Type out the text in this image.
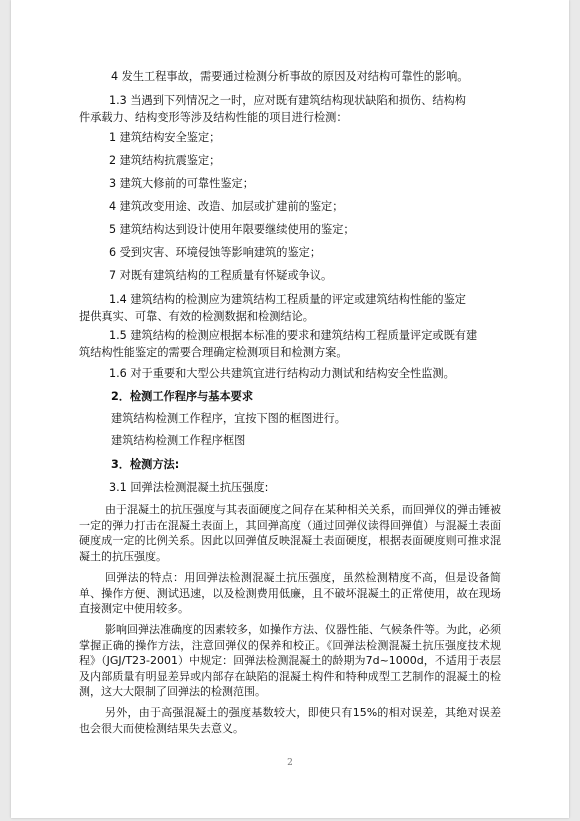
4 发生工程事故，需要通过检测分析事故的原因及对结构可靠性的影响。
1.3 当遇到下列情况之一时，应对既有建筑结构现状缺陷和损伤、结构构
件承载力、结构变形等涉及结构性能的项目进行检测：
1 建筑结构安全鉴定；
2 建筑结构抗震鉴定；
3 建筑大修前的可靠性鉴定；
4 建筑改变用途、改造、加层或扩建前的鉴定；
5 建筑结构达到设计使用年限要继续使用的鉴定；
6 受到灾害、环境侵蚀等影响建筑的鉴定；
7 对既有建筑结构的工程质量有怀疑或争议。
1.4 建筑结构的检测应为建筑结构工程质量的评定或建筑结构性能的鉴定
提供真实、可靠、有效的检测数据和检测结论。
1.5 建筑结构的检测应根据本标准的要求和建筑结构工程质量评定或既有建
筑结构性能鉴定的需要合理确定检测项目和检测方案。
1.6 对于重要和大型公共建筑宜进行结构动力测试和结构安全性监测。
2．检测工作程序与基本要求
建筑结构检测工作程序，宜按下图的框图进行。
建筑结构检测工作程序框图
3．检测方法:
3.1 回弹法检测混凝土抗压强度:
由于混凝土的抗压强度与其表面硬度之间存在某种相关关系，而回弹仪的弹击锤被一定的弹力打击在混凝土表面上，其回弹高度（通过回弹仪读得回弹值）与混凝土表面硬度成一定的比例关系。因此以回弹值反映混凝土表面硬度，根据表面硬度则可推求混凝土的抗压强度。
回弹法的特点：用回弹法检测混凝土抗压强度，虽然检测精度不高，但是设备简单、操作方便、测试迅速，以及检测费用低廉，且不破坏混凝土的正常使用，故在现场直接测定中使用较多。
影响回弹法准确度的因素较多，如操作方法、仪器性能、气候条件等。为此，必须掌握正确的操作方法，注意回弹仪的保养和校正。《回弹法检测混凝土抗压强度技术规程》（JGJ/T23-2001）中规定：回弹法检测混凝土的龄期为7d~1000d，不适用于表层及内部质量有明显差异或内部存在缺陷的混凝土构件和特种成型工艺制作的混凝土的检测，这大大限制了回弹法的检测范围。
另外，由于高强混凝土的强度基数较大，即使只有15%的相对误差，其绝对误差也会很大而使检测结果失去意义。
2
